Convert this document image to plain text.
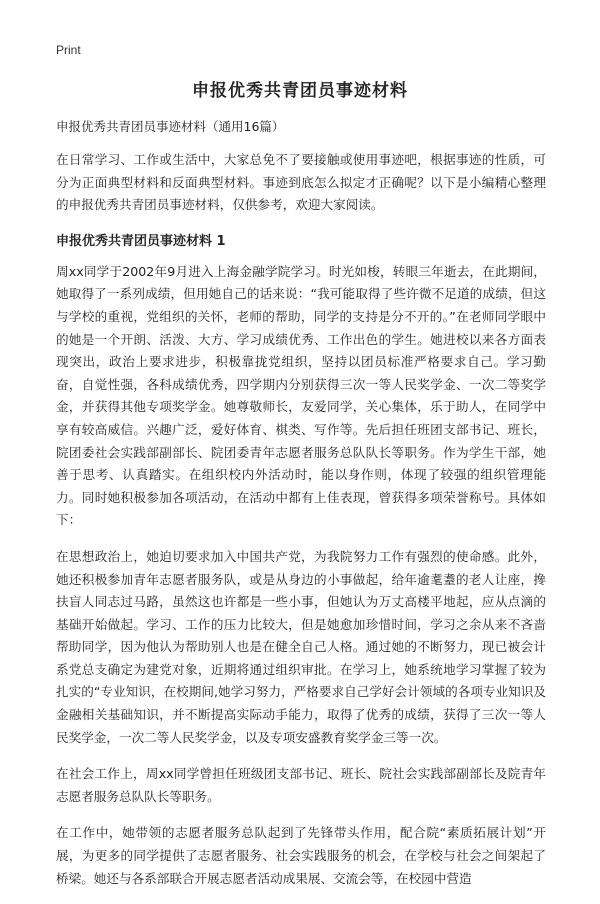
Print
申报优秀共青团员事迹材料

申报优秀共青团员事迹材料（通用16篇）

在日常学习、工作或生活中，大家总免不了要接触或使用事迹吧，根据事迹的性质，可分为正面典型材料和反面典型材料。事迹到底怎么拟定才正确呢？以下是小编精心整理的申报优秀共青团员事迹材料，仅供参考，欢迎大家阅读。

申报优秀共青团员事迹材料 1

周xx同学于2002年9月进入上海金融学院学习。时光如梭，转眼三年逝去，在此期间，她取得了一系列成绩，但用她自己的话来说：“我可能取得了些许微不足道的成绩，但这与学校的重视，党组织的关怀，老师的帮助，同学的支持是分不开的。”在老师同学眼中的她是一个开朗、活泼、大方、学习成绩优秀、工作出色的学生。她进校以来各方面表现突出，政治上要求进步，积极靠拢党组织，坚持以团员标准严格要求自己。学习勤奋，自觉性强，各科成绩优秀，四学期内分别获得三次一等人民奖学金、一次二等奖学金，并获得其他专项奖学金。她尊敬师长，友爱同学，关心集体，乐于助人，在同学中享有较高威信。兴趣广泛，爱好体育、棋类、写作等。先后担任班团支部书记、班长，院团委社会实践部副部长、院团委青年志愿者服务总队队长等职务。作为学生干部，她善于思考、认真踏实。在组织校内外活动时，能以身作则，体现了较强的组织管理能力。同时她积极参加各项活动，在活动中都有上佳表现，曾获得多项荣誉称号。具体如下：

在思想政治上，她迫切要求加入中国共产党，为我院努力工作有强烈的使命感。此外，她还积极参加青年志愿者服务队，或是从身边的小事做起，给年逾耄耋的老人让座，搀扶盲人同志过马路，虽然这也许都是一些小事，但她认为万丈高楼平地起，应从点滴的基础开始做起。学习、工作的压力比较大，但是她愈加珍惜时间，学习之余从来不吝啬帮助同学，因为他认为帮助别人也是在健全自己人格。通过她的不断努力，现已被会计系党总支确定为建党对象，近期将通过组织审批。在学习上，她系统地学习掌握了较为扎实的“专业知识，在校期间,她学习努力，严格要求自己学好会计领域的各项专业知识及金融相关基础知识，并不断提高实际动手能力，取得了优秀的成绩，获得了三次一等人民奖学金，一次二等人民奖学金，以及专项安盛教育奖学金三等一次。

在社会工作上，周xx同学曾担任班级团支部书记、班长、院社会实践部副部长及院青年志愿者服务总队队长等职务。

在工作中，她带领的志愿者服务总队起到了先锋带头作用，配合院“素质拓展计划”开展，为更多的同学提供了志愿者服务、社会实践服务的机会，在学校与社会之间架起了桥梁。她还与各系部联合开展志愿者活动成果展、交流会等，在校园中营造
